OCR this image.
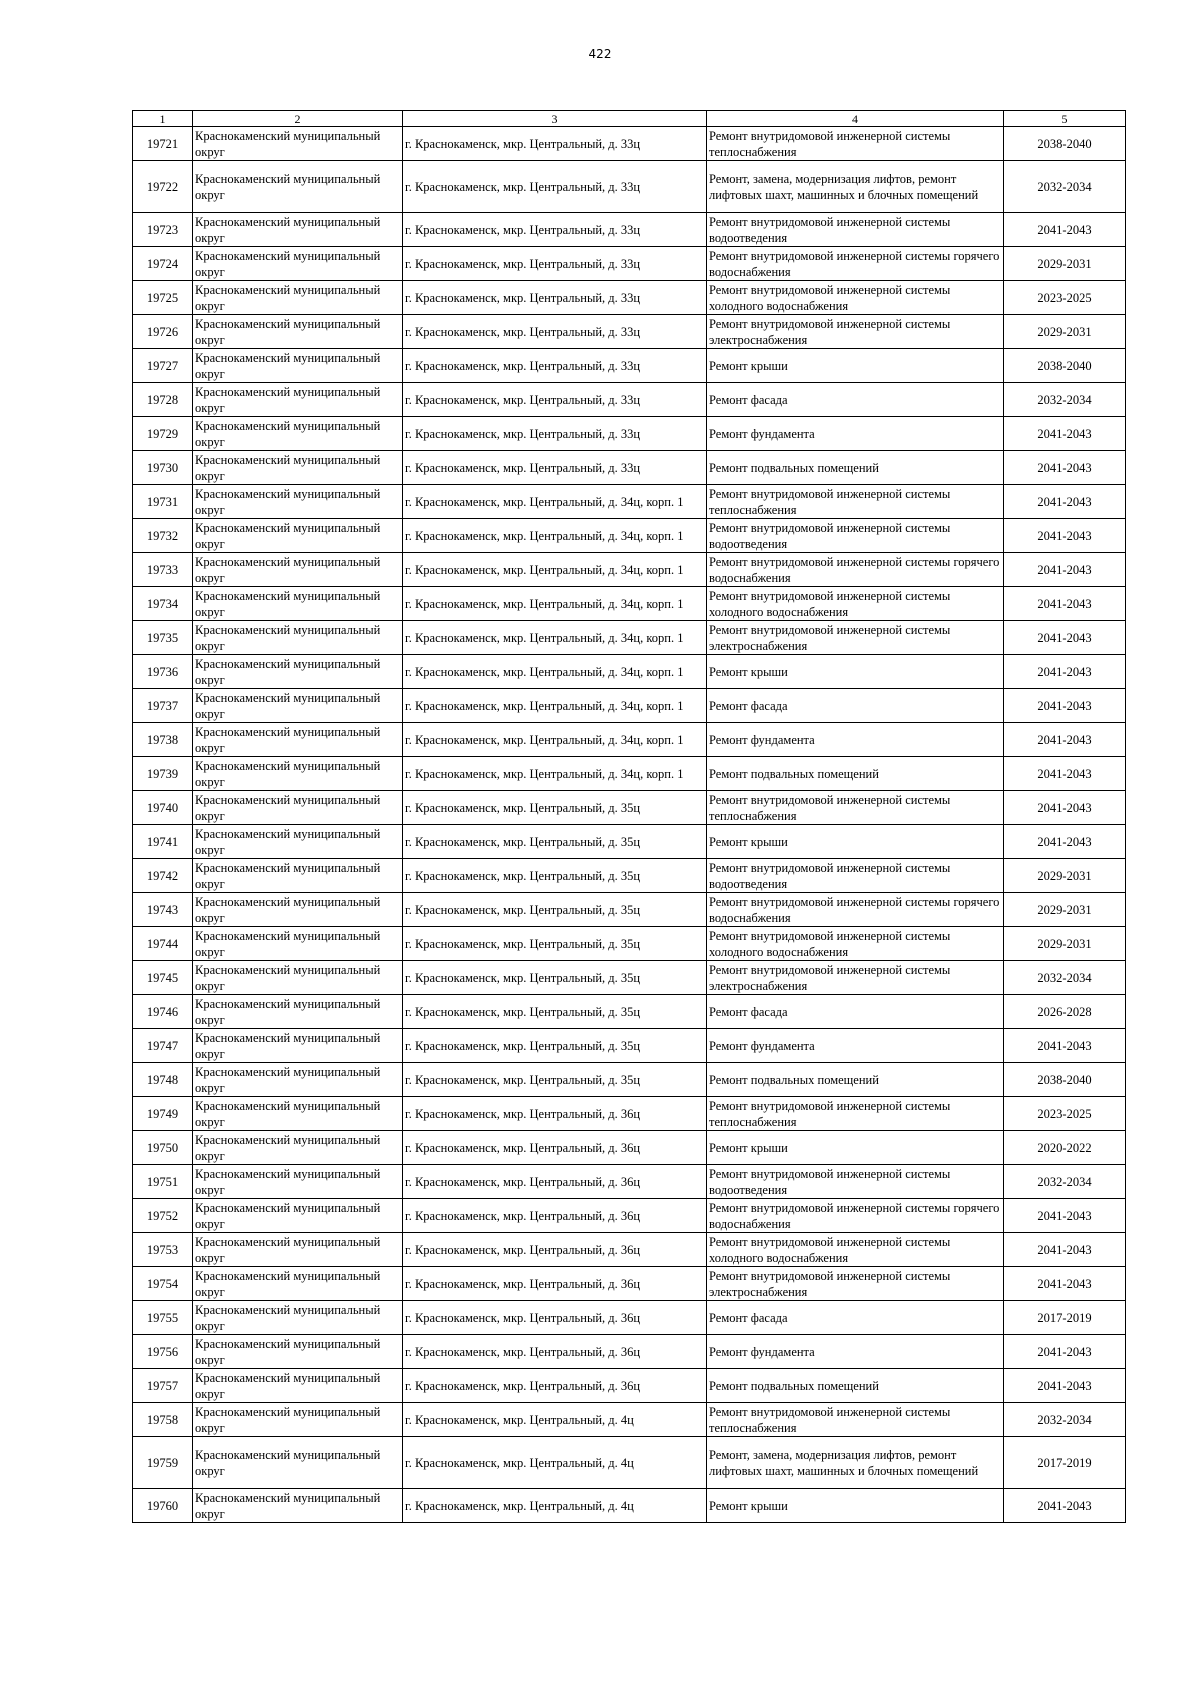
422
1	2	3	4	5
19721	Краснокаменский муниципальный округ	г. Краснокаменск, мкр. Центральный, д. 33ц	Ремонт внутридомовой инженерной системы теплоснабжения	2038-2040
19722	Краснокаменский муниципальный округ	г. Краснокаменск, мкр. Центральный, д. 33ц	Ремонт, замена, модернизация лифтов, ремонт лифтовых шахт, машинных и блочных помещений	2032-2034
19723	Краснокаменский муниципальный округ	г. Краснокаменск, мкр. Центральный, д. 33ц	Ремонт внутридомовой инженерной системы водоотведения	2041-2043
19724	Краснокаменский муниципальный округ	г. Краснокаменск, мкр. Центральный, д. 33ц	Ремонт внутридомовой инженерной системы горячего водоснабжения	2029-2031
19725	Краснокаменский муниципальный округ	г. Краснокаменск, мкр. Центральный, д. 33ц	Ремонт внутридомовой инженерной системы холодного водоснабжения	2023-2025
19726	Краснокаменский муниципальный округ	г. Краснокаменск, мкр. Центральный, д. 33ц	Ремонт внутридомовой инженерной системы электроснабжения	2029-2031
19727	Краснокаменский муниципальный округ	г. Краснокаменск, мкр. Центральный, д. 33ц	Ремонт крыши	2038-2040
19728	Краснокаменский муниципальный округ	г. Краснокаменск, мкр. Центральный, д. 33ц	Ремонт фасада	2032-2034
19729	Краснокаменский муниципальный округ	г. Краснокаменск, мкр. Центральный, д. 33ц	Ремонт фундамента	2041-2043
19730	Краснокаменский муниципальный округ	г. Краснокаменск, мкр. Центральный, д. 33ц	Ремонт подвальных помещений	2041-2043
19731	Краснокаменский муниципальный округ	г. Краснокаменск, мкр. Центральный, д. 34ц, корп. 1	Ремонт внутридомовой инженерной системы теплоснабжения	2041-2043
19732	Краснокаменский муниципальный округ	г. Краснокаменск, мкр. Центральный, д. 34ц, корп. 1	Ремонт внутридомовой инженерной системы водоотведения	2041-2043
19733	Краснокаменский муниципальный округ	г. Краснокаменск, мкр. Центральный, д. 34ц, корп. 1	Ремонт внутридомовой инженерной системы горячего водоснабжения	2041-2043
19734	Краснокаменский муниципальный округ	г. Краснокаменск, мкр. Центральный, д. 34ц, корп. 1	Ремонт внутридомовой инженерной системы холодного водоснабжения	2041-2043
19735	Краснокаменский муниципальный округ	г. Краснокаменск, мкр. Центральный, д. 34ц, корп. 1	Ремонт внутридомовой инженерной системы электроснабжения	2041-2043
19736	Краснокаменский муниципальный округ	г. Краснокаменск, мкр. Центральный, д. 34ц, корп. 1	Ремонт крыши	2041-2043
19737	Краснокаменский муниципальный округ	г. Краснокаменск, мкр. Центральный, д. 34ц, корп. 1	Ремонт фасада	2041-2043
19738	Краснокаменский муниципальный округ	г. Краснокаменск, мкр. Центральный, д. 34ц, корп. 1	Ремонт фундамента	2041-2043
19739	Краснокаменский муниципальный округ	г. Краснокаменск, мкр. Центральный, д. 34ц, корп. 1	Ремонт подвальных помещений	2041-2043
19740	Краснокаменский муниципальный округ	г. Краснокаменск, мкр. Центральный, д. 35ц	Ремонт внутридомовой инженерной системы теплоснабжения	2041-2043
19741	Краснокаменский муниципальный округ	г. Краснокаменск, мкр. Центральный, д. 35ц	Ремонт крыши	2041-2043
19742	Краснокаменский муниципальный округ	г. Краснокаменск, мкр. Центральный, д. 35ц	Ремонт внутридомовой инженерной системы водоотведения	2029-2031
19743	Краснокаменский муниципальный округ	г. Краснокаменск, мкр. Центральный, д. 35ц	Ремонт внутридомовой инженерной системы горячего водоснабжения	2029-2031
19744	Краснокаменский муниципальный округ	г. Краснокаменск, мкр. Центральный, д. 35ц	Ремонт внутридомовой инженерной системы холодного водоснабжения	2029-2031
19745	Краснокаменский муниципальный округ	г. Краснокаменск, мкр. Центральный, д. 35ц	Ремонт внутридомовой инженерной системы электроснабжения	2032-2034
19746	Краснокаменский муниципальный округ	г. Краснокаменск, мкр. Центральный, д. 35ц	Ремонт фасада	2026-2028
19747	Краснокаменский муниципальный округ	г. Краснокаменск, мкр. Центральный, д. 35ц	Ремонт фундамента	2041-2043
19748	Краснокаменский муниципальный округ	г. Краснокаменск, мкр. Центральный, д. 35ц	Ремонт подвальных помещений	2038-2040
19749	Краснокаменский муниципальный округ	г. Краснокаменск, мкр. Центральный, д. 36ц	Ремонт внутридомовой инженерной системы теплоснабжения	2023-2025
19750	Краснокаменский муниципальный округ	г. Краснокаменск, мкр. Центральный, д. 36ц	Ремонт крыши	2020-2022
19751	Краснокаменский муниципальный округ	г. Краснокаменск, мкр. Центральный, д. 36ц	Ремонт внутридомовой инженерной системы водоотведения	2032-2034
19752	Краснокаменский муниципальный округ	г. Краснокаменск, мкр. Центральный, д. 36ц	Ремонт внутридомовой инженерной системы горячего водоснабжения	2041-2043
19753	Краснокаменский муниципальный округ	г. Краснокаменск, мкр. Центральный, д. 36ц	Ремонт внутридомовой инженерной системы холодного водоснабжения	2041-2043
19754	Краснокаменский муниципальный округ	г. Краснокаменск, мкр. Центральный, д. 36ц	Ремонт внутридомовой инженерной системы электроснабжения	2041-2043
19755	Краснокаменский муниципальный округ	г. Краснокаменск, мкр. Центральный, д. 36ц	Ремонт фасада	2017-2019
19756	Краснокаменский муниципальный округ	г. Краснокаменск, мкр. Центральный, д. 36ц	Ремонт фундамента	2041-2043
19757	Краснокаменский муниципальный округ	г. Краснокаменск, мкр. Центральный, д. 36ц	Ремонт подвальных помещений	2041-2043
19758	Краснокаменский муниципальный округ	г. Краснокаменск, мкр. Центральный, д. 4ц	Ремонт внутридомовой инженерной системы теплоснабжения	2032-2034
19759	Краснокаменский муниципальный округ	г. Краснокаменск, мкр. Центральный, д. 4ц	Ремонт, замена, модернизация лифтов, ремонт лифтовых шахт, машинных и блочных помещений	2017-2019
19760	Краснокаменский муниципальный округ	г. Краснокаменск, мкр. Центральный, д. 4ц	Ремонт крыши	2041-2043
